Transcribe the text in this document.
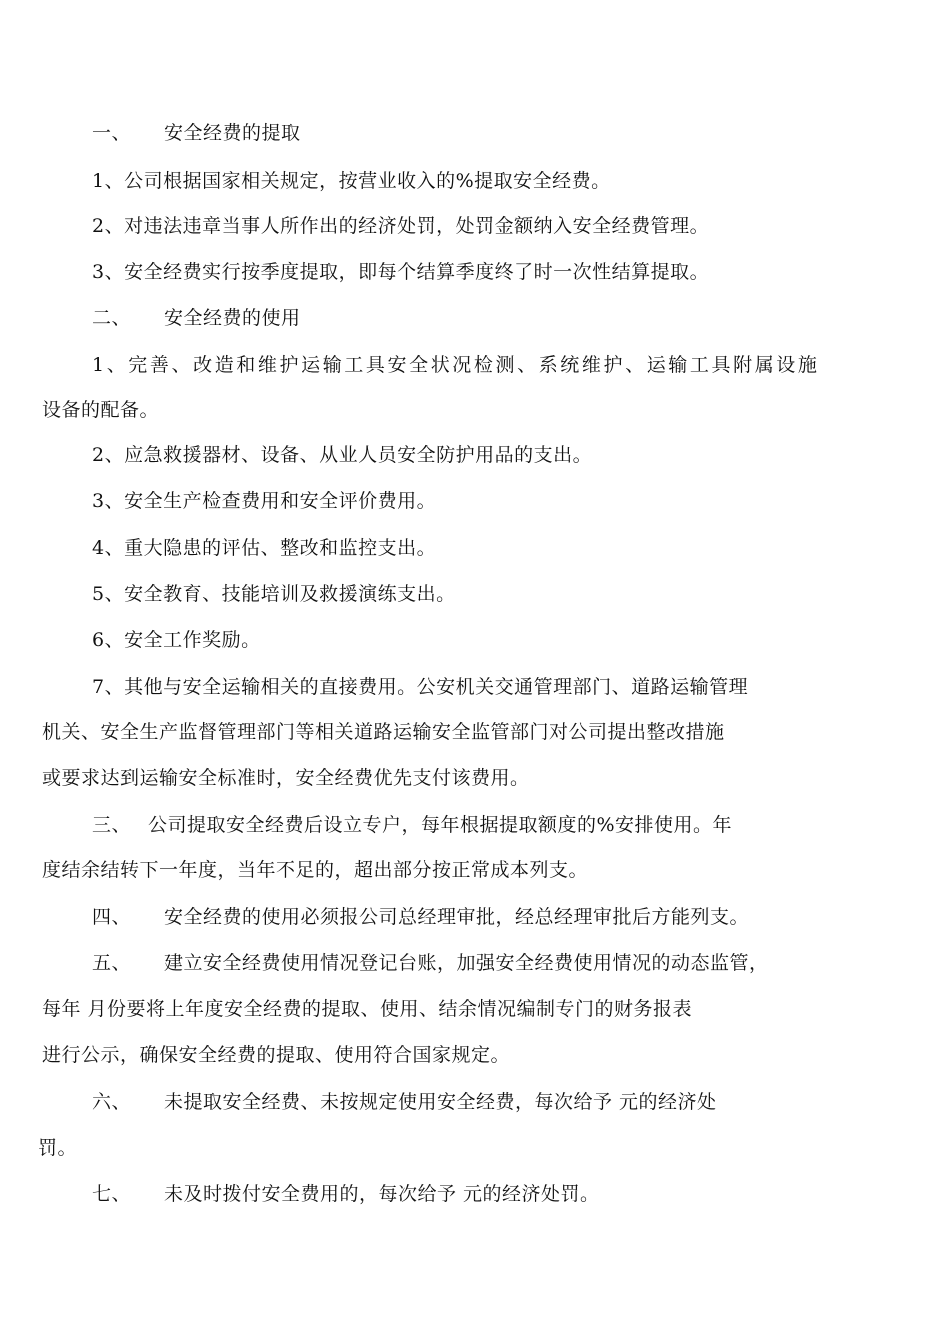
一、 安全经费的提取
1、公司根据国家相关规定，按营业收入的%提取安全经费。
2、对违法违章当事人所作出的经济处罚，处罚金额纳入安全经费管理。
3、安全经费实行按季度提取，即每个结算季度终了时一次性结算提取。
二、 安全经费的使用
1、完善、改造和维护运输工具安全状况检测、系统维护、运输工具附属设施
设备的配备。
2、应急救援器材、设备、从业人员安全防护用品的支出。
3、安全生产检查费用和安全评价费用。
4、重大隐患的评估、整改和监控支出。
5、安全教育、技能培训及救援演练支出。
6、安全工作奖励。
7、其他与安全运输相关的直接费用。公安机关交通管理部门、道路运输管理
机关、安全生产监督管理部门等相关道路运输安全监管部门对公司提出整改措施
或要求达到运输安全标准时，安全经费优先支付该费用。
三、 公司提取安全经费后设立专户，每年根据提取额度的%安排使用。年
度结余结转下一年度，当年不足的，超出部分按正常成本列支。
四、 安全经费的使用必须报公司总经理审批，经总经理审批后方能列支。
五、 建立安全经费使用情况登记台账，加强安全经费使用情况的动态监管，
每年 月份要将上年度安全经费的提取、使用、结余情况编制专门的财务报表
进行公示，确保安全经费的提取、使用符合国家规定。
六、 未提取安全经费、未按规定使用安全经费，每次给予 元的经济处
罚。
七、 未及时拨付安全费用的，每次给予 元的经济处罚。
